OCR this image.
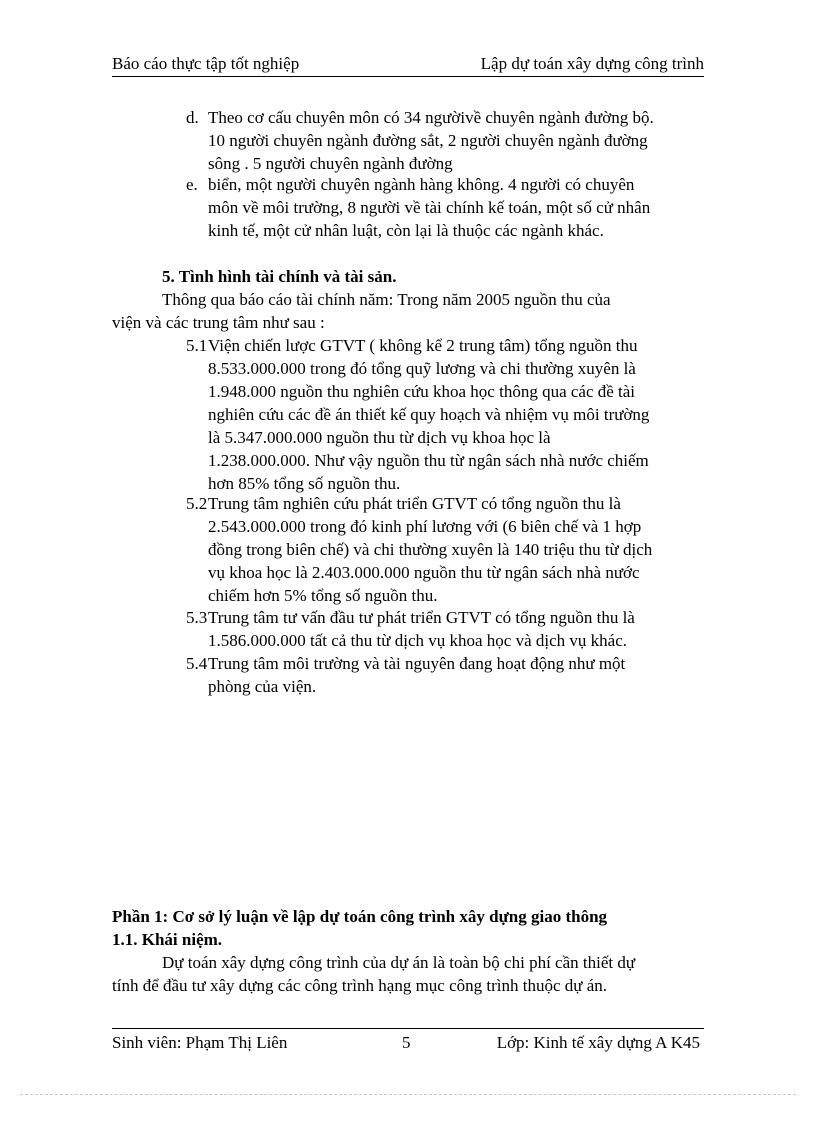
Báo cáo thực tập tốt nghiệp	Lập dự toán xây dựng công trình
d. Theo cơ cấu chuyên môn có 34 ngườivề chuyên ngành đường bộ.
10 người chuyên ngành đường sắt, 2 người chuyên ngành đường
sông . 5 người chuyên ngành đường
e. biển, một người chuyên ngành hàng không. 4 người có chuyên
môn về môi trường, 8 người về tài chính kế toán, một số cử nhân
kinh tế, một cử nhân luật, còn lại là thuộc các ngành khác.
5. Tình hình tài chính và tài sản.
Thông qua báo cáo tài chính năm: Trong năm 2005 nguồn thu của
viện và các trung tâm như sau :
5.1 Viện chiến lược GTVT ( không kể 2 trung tâm) tổng nguồn thu
8.533.000.000 trong đó tổng quỹ lương và chi thường xuyên là
1.948.000 nguồn thu nghiên cứu khoa học thông qua các đề tài
nghiên cứu các đề án thiết kế quy hoạch và nhiệm vụ môi trường
là 5.347.000.000 nguồn thu từ dịch vụ khoa học là
1.238.000.000. Như vậy nguồn thu từ ngân sách nhà nước chiếm
hơn 85% tổng số nguồn thu.
5.2 Trung tâm nghiên cứu phát triển GTVT có tổng nguồn thu là
2.543.000.000 trong đó kinh phí lương với (6 biên chế và 1 hợp
đồng trong biên chế) và chi thường xuyên là 140 triệu thu từ dịch
vụ khoa học là 2.403.000.000 nguồn thu từ ngân sách nhà nước
chiếm hơn 5% tổng số nguồn thu.
5.3 Trung tâm tư vấn đầu tư phát triển GTVT có tổng nguồn thu là
1.586.000.000 tất cả thu từ dịch vụ khoa học và dịch vụ khác.
5.4 Trung tâm môi trường và tài nguyên đang hoạt động như một
phòng của viện.
Phần 1: Cơ sở lý luận về lập dự toán công trình xây dựng giao thông
1.1. Khái niệm.
Dự toán xây dựng công trình của dự án là toàn bộ chi phí cần thiết dự
tính để đầu tư xây dựng các công trình hạng mục công trình thuộc dự án.
Sinh viên: Phạm Thị Liên	5	Lớp: Kinh tế xây dựng A K45
